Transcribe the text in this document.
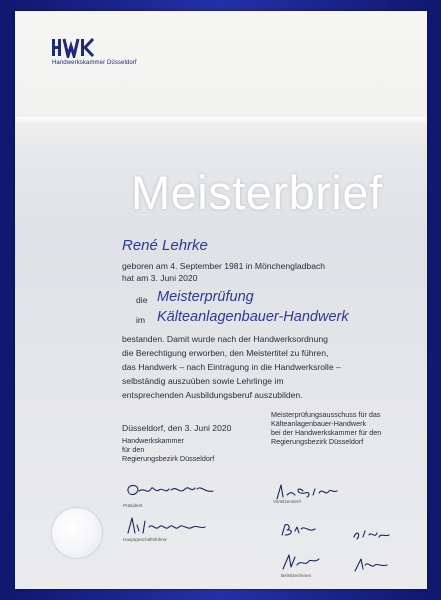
Handwerkskammer Düsseldorf
Meisterbrief
René Lehrke
geboren am 4. September 1981 in Mönchengladbach
hat am 3. Juni 2020
die Meisterprüfung
im Kälteanlagenbauer-Handwerk
bestanden. Damit wurde nach der Handwerksordnung
die Berechtigung erworben, den Meistertitel zu führen,
das Handwerk – nach Eintragung in die Handwerksrolle –
selbständig auszuüben sowie Lehrlinge im
entsprechenden Ausbildungsberuf auszubilden.
Düsseldorf, den 3. Juni 2020
Handwerkskammer
für den
Regierungsbezirk Düsseldorf
Meisterprüfungsausschuss für das
Kälteanlagenbauer-Handwerk
bei der Handwerkskammer für den
Regierungsbezirk Düsseldorf
Präsident
Vorsitzender/r
Hauptgeschäftsführer
Beisitzer/innen
